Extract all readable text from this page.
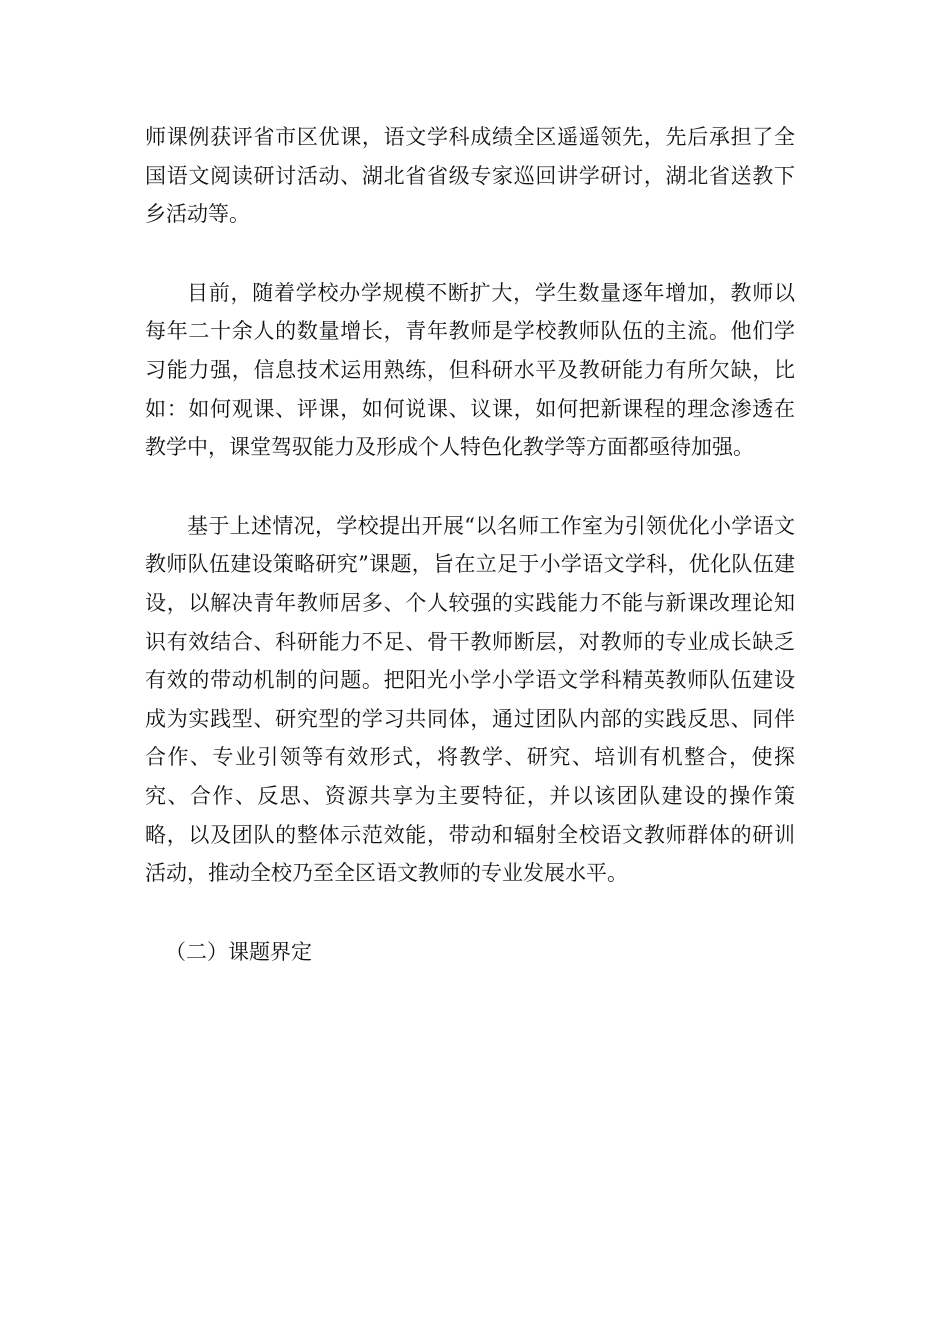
师课例获评省市区优课，语文学科成绩全区遥遥领先，先后承担了全国语文阅读研讨活动、湖北省省级专家巡回讲学研讨，湖北省送教下乡活动等。

目前，随着学校办学规模不断扩大，学生数量逐年增加，教师以每年二十余人的数量增长，青年教师是学校教师队伍的主流。他们学习能力强，信息技术运用熟练，但科研水平及教研能力有所欠缺，比如：如何观课、评课，如何说课、议课，如何把新课程的理念渗透在教学中，课堂驾驭能力及形成个人特色化教学等方面都亟待加强。

基于上述情况，学校提出开展“以名师工作室为引领优化小学语文教师队伍建设策略研究”课题，旨在立足于小学语文学科，优化队伍建设，以解决青年教师居多、个人较强的实践能力不能与新课改理论知识有效结合、科研能力不足、骨干教师断层，对教师的专业成长缺乏有效的带动机制的问题。把阳光小学小学语文学科精英教师队伍建设成为实践型、研究型的学习共同体，通过团队内部的实践反思、同伴合作、专业引领等有效形式，将教学、研究、培训有机整合，使探究、合作、反思、资源共享为主要特征，并以该团队建设的操作策略，以及团队的整体示范效能，带动和辐射全校语文教师群体的研训活动，推动全校乃至全区语文教师的专业发展水平。

（二）课题界定
